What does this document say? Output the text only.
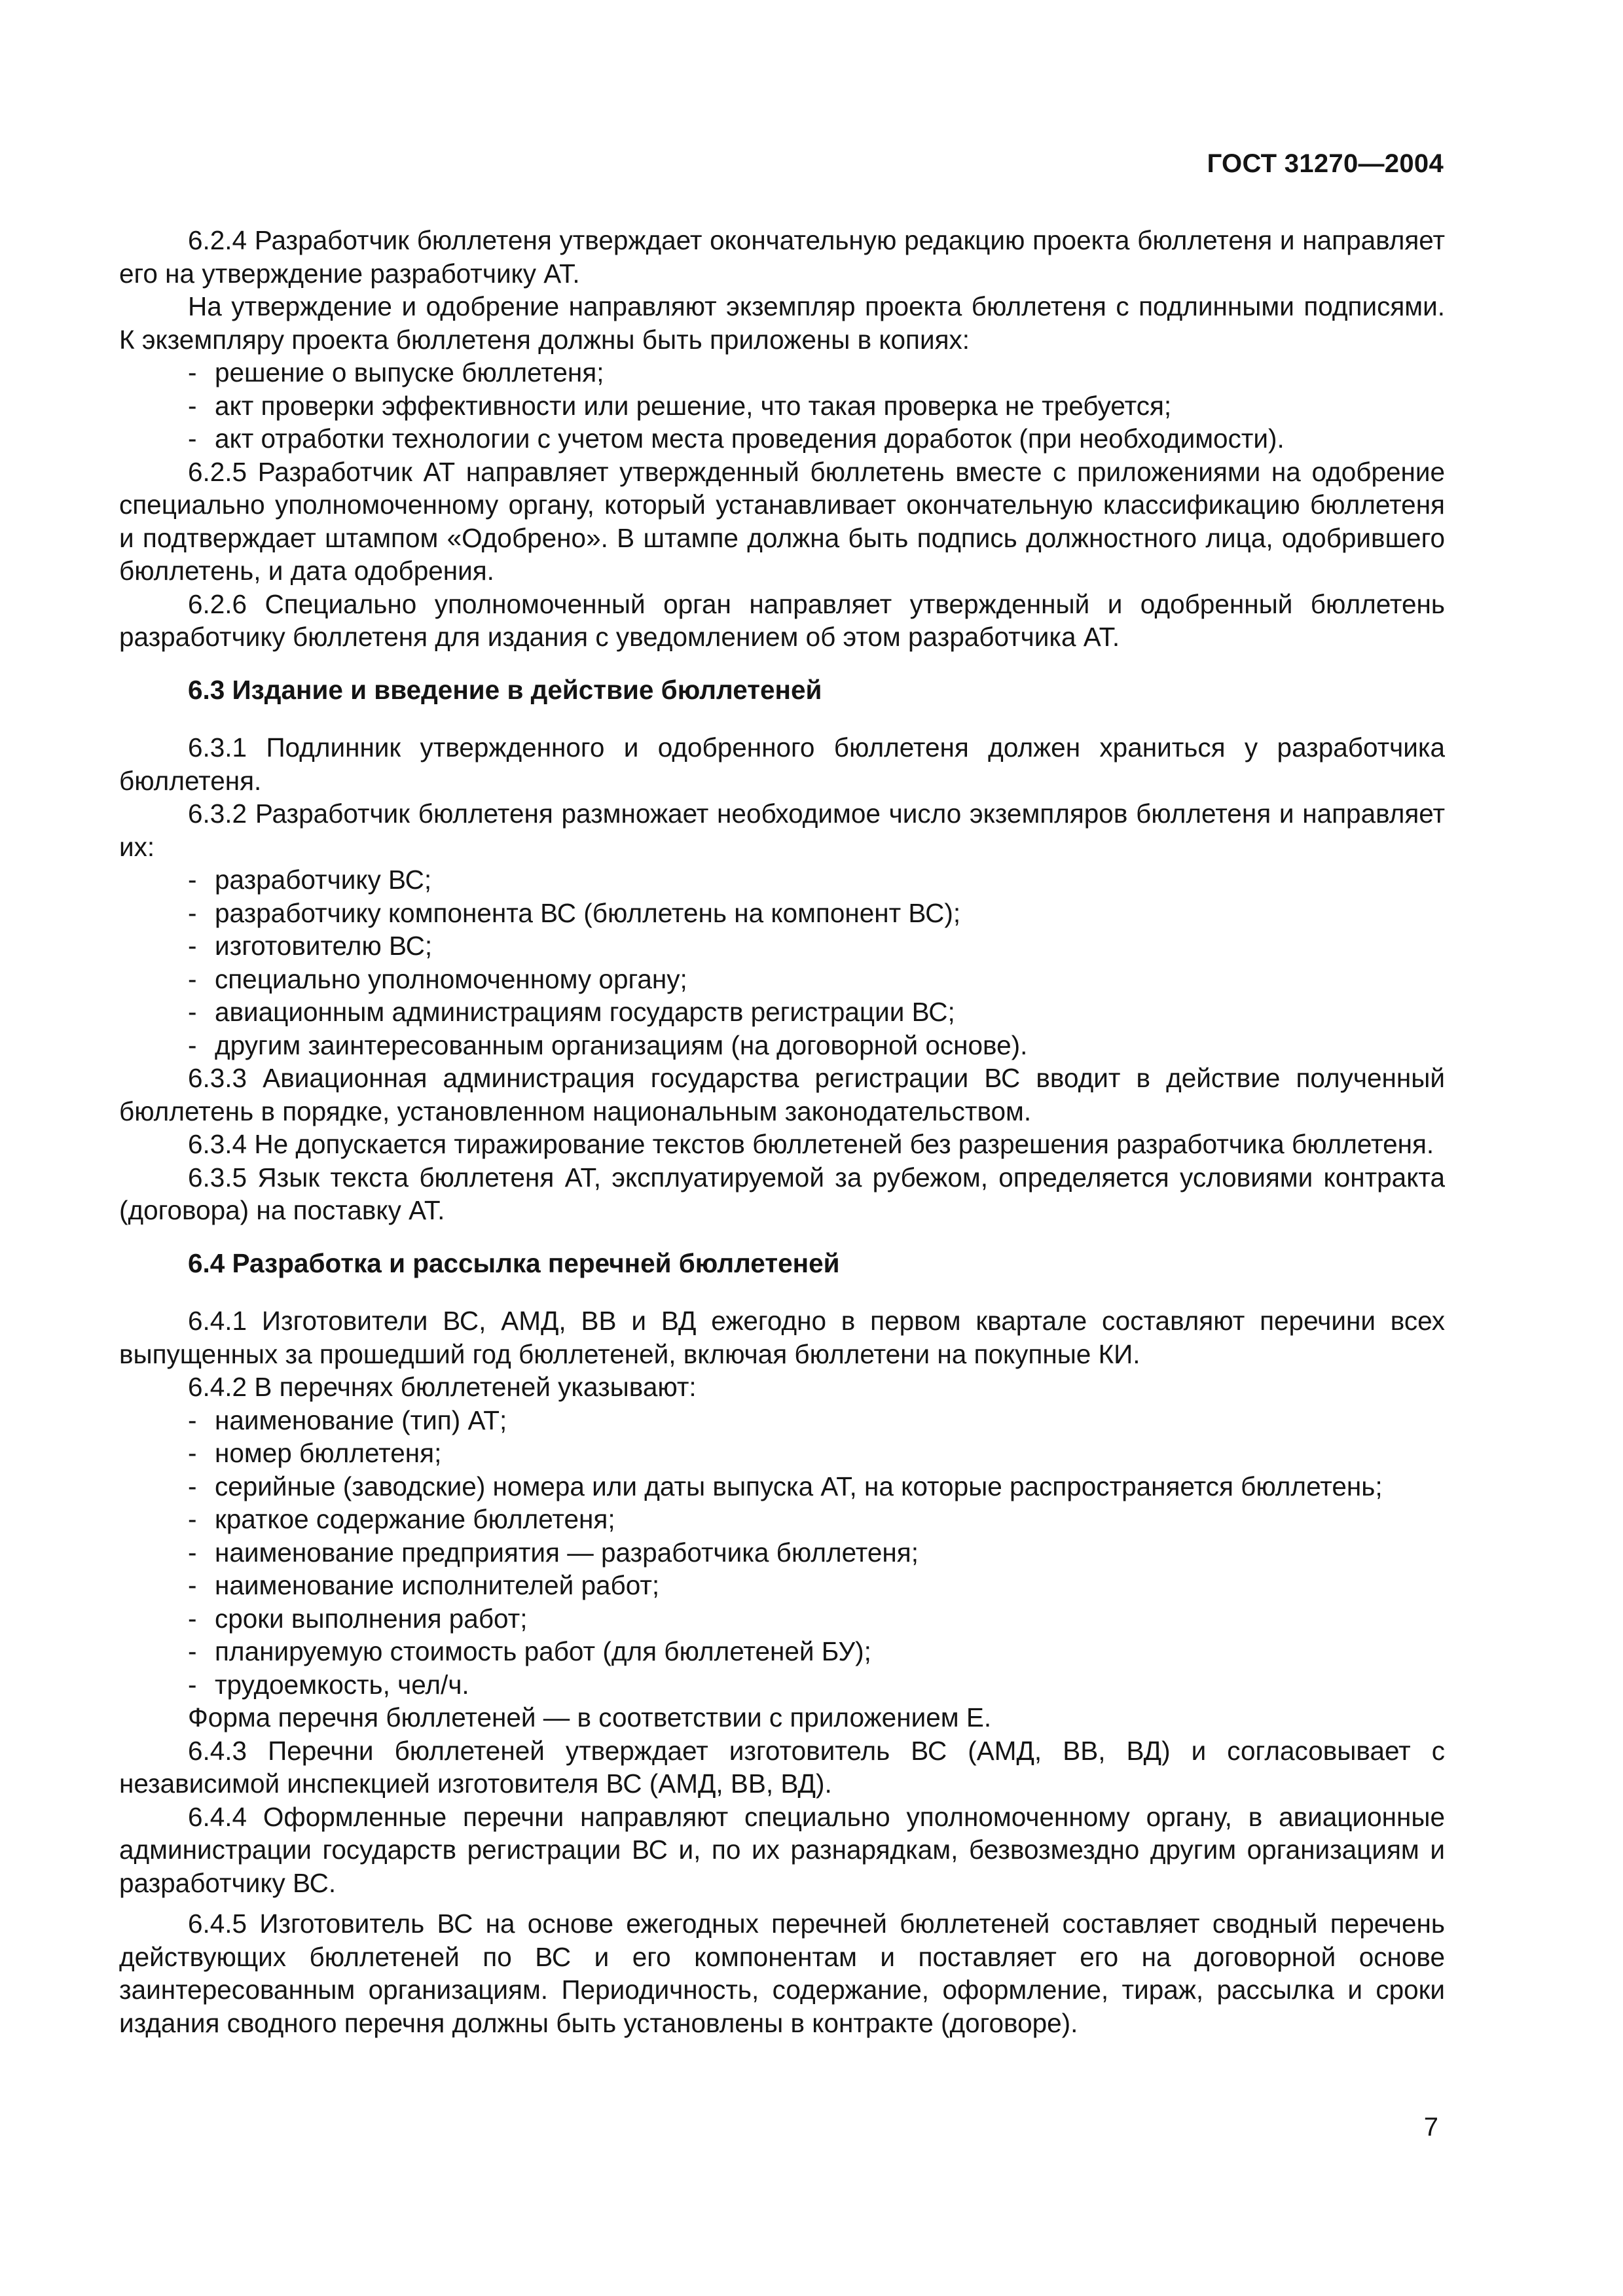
ГОСТ 31270—2004

6.2.4 Разработчик бюллетеня утверждает окончательную редакцию проекта бюллетеня и направляет его на утверждение разработчику АТ.

На утверждение и одобрение направляют экземпляр проекта бюллетеня с подлинными подписями. К экземпляру проекта бюллетеня должны быть приложены в копиях:

- решение о выпуске бюллетеня;

- акт проверки эффективности или решение, что такая проверка не требуется;

- акт отработки технологии с учетом места проведения доработок (при необходимости).

6.2.5 Разработчик АТ направляет утвержденный бюллетень вместе с приложениями на одобрение специально уполномоченному органу, который устанавливает окончательную классификацию бюллетеня и подтверждает штампом «Одобрено». В штампе должна быть подпись должностного лица, одобрившего бюллетень, и дата одобрения.

6.2.6 Специально уполномоченный орган направляет утвержденный и одобренный бюллетень разработчику бюллетеня для издания с уведомлением об этом разработчика АТ.

6.3 Издание и введение в действие бюллетеней

6.3.1 Подлинник утвержденного и одобренного бюллетеня должен храниться у разработчика бюллетеня.

6.3.2 Разработчик бюллетеня размножает необходимое число экземпляров бюллетеня и направляет их:

- разработчику ВС;

- разработчику компонента ВС (бюллетень на компонент ВС);

- изготовителю ВС;

- специально уполномоченному органу;

- авиационным администрациям государств регистрации ВС;

- другим заинтересованным организациям (на договорной основе).

6.3.3 Авиационная администрация государства регистрации ВС вводит в действие полученный бюллетень в порядке, установленном национальным законодательством.

6.3.4 Не допускается тиражирование текстов бюллетеней без разрешения разработчика бюллетеня.

6.3.5 Язык текста бюллетеня АТ, эксплуатируемой за рубежом, определяется условиями контракта (договора) на поставку АТ.

6.4 Разработка и рассылка перечней бюллетеней

6.4.1 Изготовители ВС, АМД, ВВ и ВД ежегодно в первом квартале составляют перечини всех выпущенных за прошедший год бюллетеней, включая бюллетени на покупные КИ.

6.4.2 В перечнях бюллетеней указывают:

- наименование (тип) АТ;

- номер бюллетеня;

- серийные (заводские) номера или даты выпуска АТ, на которые распространяется бюллетень;

- краткое содержание бюллетеня;

- наименование предприятия — разработчика бюллетеня;

- наименование исполнителей работ;

- сроки выполнения работ;

- планируемую стоимость работ (для бюллетеней БУ);

- трудоемкость, чел/ч.

Форма перечня бюллетеней — в соответствии с приложением Е.

6.4.3 Перечни бюллетеней утверждает изготовитель ВС (АМД, ВВ, ВД) и согласовывает с независимой инспекцией изготовителя ВС (АМД, ВВ, ВД).

6.4.4 Оформленные перечни направляют специально уполномоченному органу, в авиационные администрации государств регистрации ВС и, по их разнарядкам, безвозмездно другим организациям и разработчику ВС.

6.4.5 Изготовитель ВС на основе ежегодных перечней бюллетеней составляет сводный перечень действующих бюллетеней по ВС и его компонентам и поставляет его на договорной основе заинтересованным организациям. Периодичность, содержание, оформление, тираж, рассылка и сроки издания сводного перечня должны быть установлены в контракте (договоре).

7
